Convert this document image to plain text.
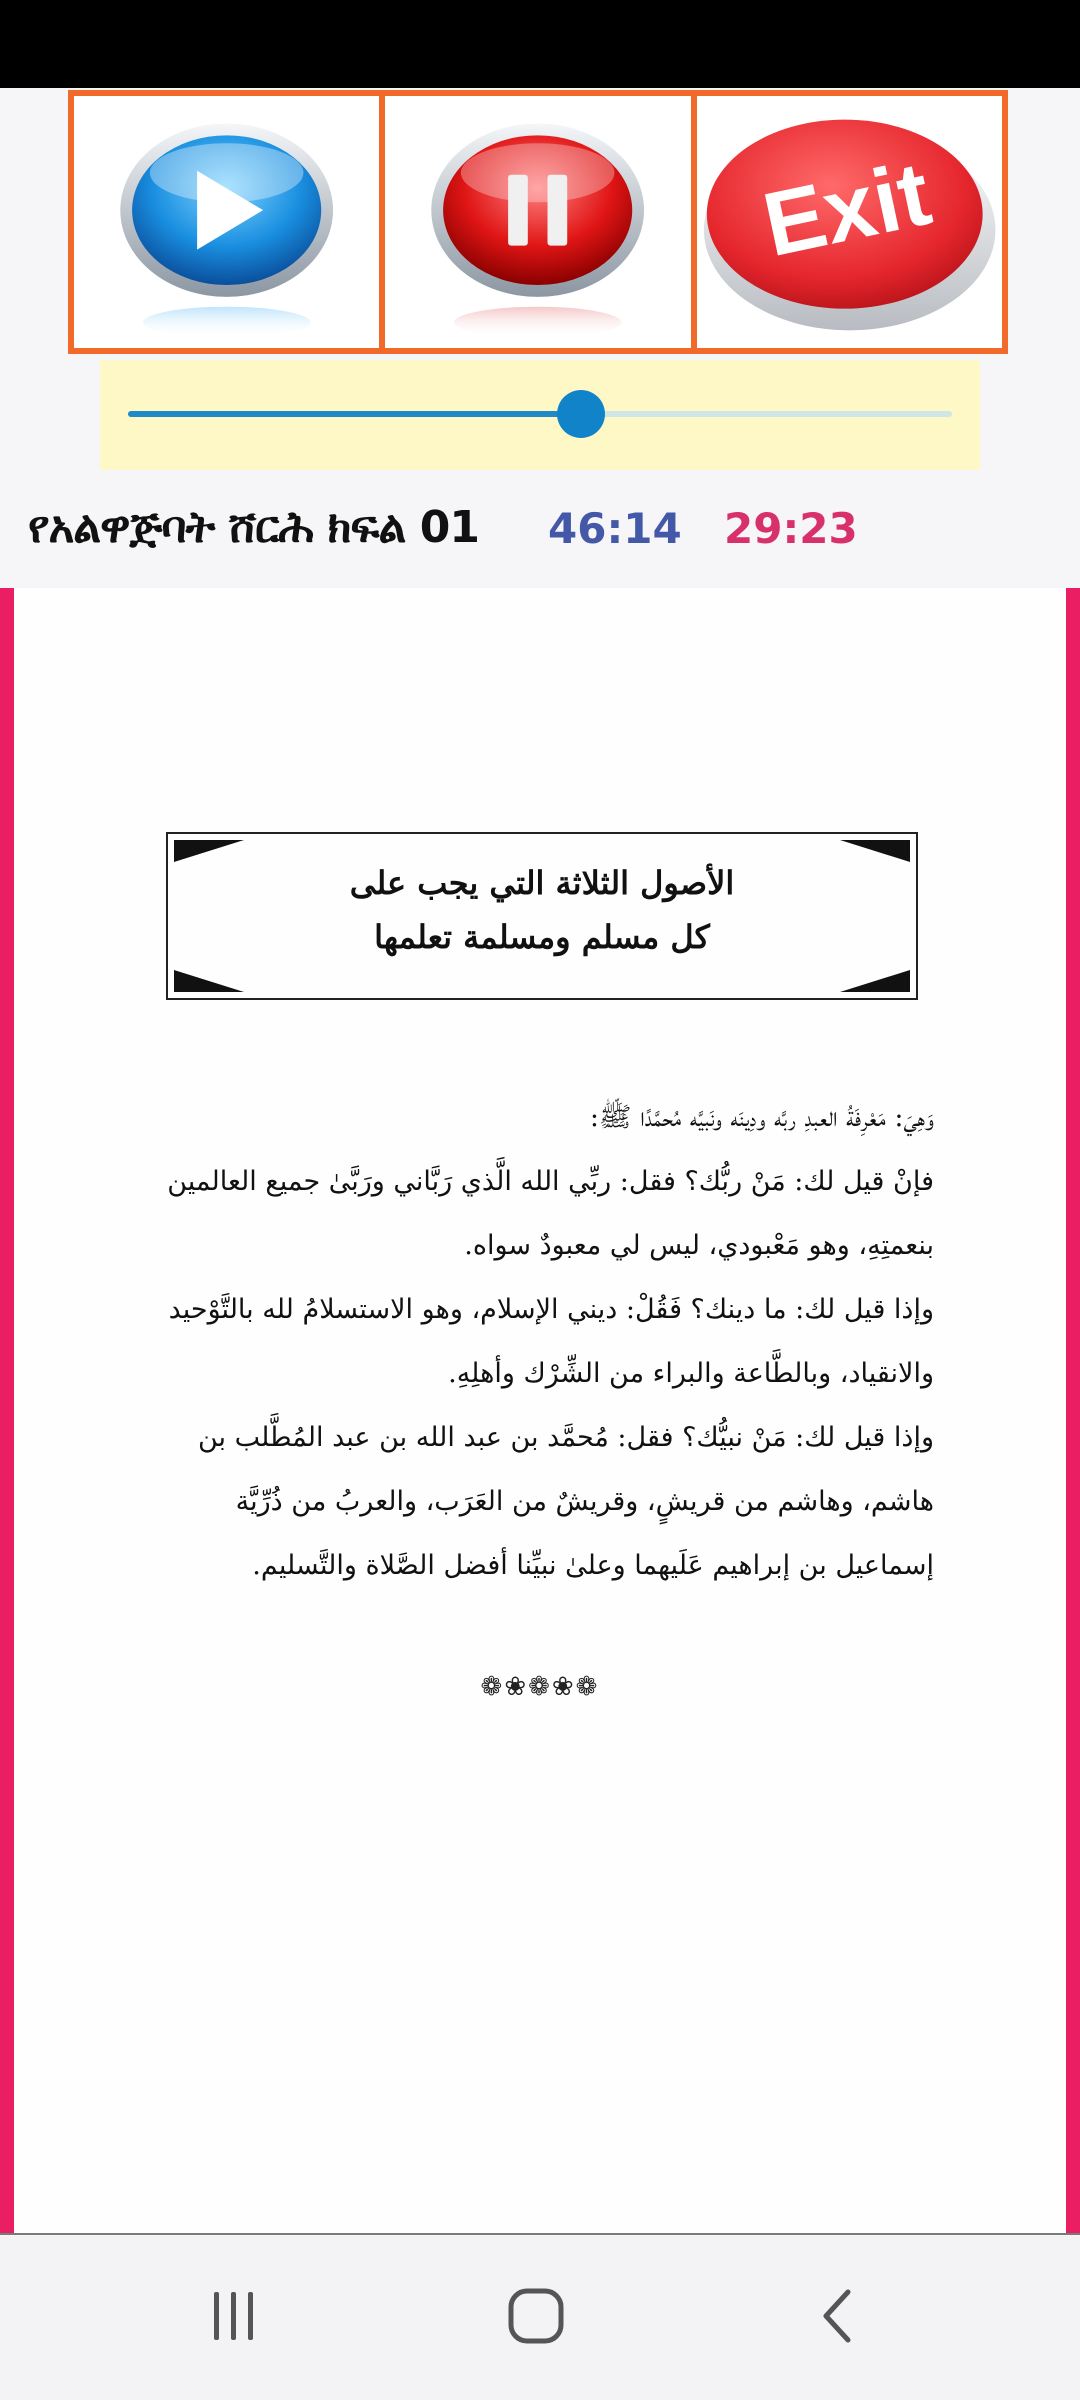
Exit
የአልዋጅባት ሸርሕ ክፍል 01 46:14 29:23
الأصول الثلاثة التي يجب على
كل مسلم ومسلمة تعلمها

وَهِيَ: مَعْرِفَةُ العبدِ ربَّه ودِينَه ونَبيَّه مُحمَّدًا ﷺ:

فإنْ قيل لك: مَنْ ربُّك؟ فقل: ربِّي الله الَّذي رَبَّاني ورَبَّىٰ جميع العالمين بنعمتِهِ، وهو مَعْبودي، ليس لي معبودٌ سواه.

وإذا قيل لك: ما دينك؟ فَقُلْ: ديني الإسلام، وهو الاستسلامُ لله بالتَّوْحيد والانقياد، وبالطَّاعة والبراء من الشِّرْك وأهلِهِ.

وإذا قيل لك: مَنْ نبيُّك؟ فقل: مُحمَّد بن عبد الله بن عبد المُطَّلب بن هاشم، وهاشم من قريشٍ، وقريشٌ من العَرَب، والعربُ من ذُرِّيَّة إسماعيل بن إبراهيم عَلَيهما وعلىٰ نبيِّنا أفضل الصَّلاة والتَّسليم.

❁❀❁❀❁
